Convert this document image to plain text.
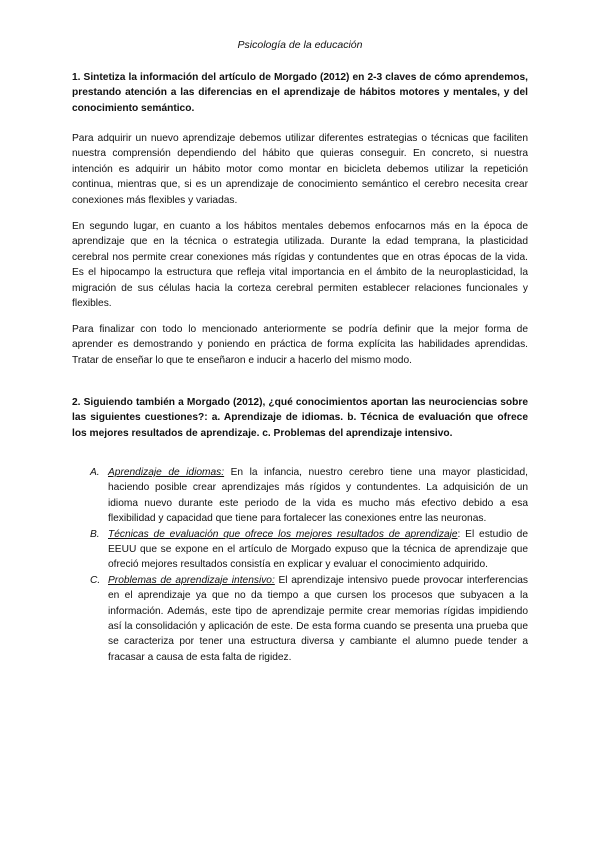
Psicología de la educación

1. Sintetiza la información del artículo de Morgado (2012) en 2-3 claves de cómo aprendemos, prestando atención a las diferencias en el aprendizaje de hábitos motores y mentales, y del conocimiento semántico.

Para adquirir un nuevo aprendizaje debemos utilizar diferentes estrategias o técnicas que faciliten nuestra comprensión dependiendo del hábito que quieras conseguir. En concreto, si nuestra intención es adquirir un hábito motor como montar en bicicleta debemos utilizar la repetición continua, mientras que, si es un aprendizaje de conocimiento semántico el cerebro necesita crear conexiones más flexibles y variadas.

En segundo lugar, en cuanto a los hábitos mentales debemos enfocarnos más en la época de aprendizaje que en la técnica o estrategia utilizada. Durante la edad temprana, la plasticidad cerebral nos permite crear conexiones más rígidas y contundentes que en otras épocas de la vida. Es el hipocampo la estructura que refleja vital importancia en el ámbito de la neuroplasticidad, la migración de sus células hacia la corteza cerebral permiten establecer relaciones funcionales y flexibles.

Para finalizar con todo lo mencionado anteriormente se podría definir que la mejor forma de aprender es demostrando y poniendo en práctica de forma explícita las habilidades aprendidas. Tratar de enseñar lo que te enseñaron e inducir a hacerlo del mismo modo.

2. Siguiendo también a Morgado (2012), ¿qué conocimientos aportan las neurociencias sobre las siguientes cuestiones?: a. Aprendizaje de idiomas. b. Técnica de evaluación que ofrece los mejores resultados de aprendizaje. c. Problemas del aprendizaje intensivo.

A. Aprendizaje de idiomas: En la infancia, nuestro cerebro tiene una mayor plasticidad, haciendo posible crear aprendizajes más rígidos y contundentes. La adquisición de un idioma nuevo durante este periodo de la vida es mucho más efectivo debido a esa flexibilidad y capacidad que tiene para fortalecer las conexiones entre las neuronas.
B. Técnicas de evaluación que ofrece los mejores resultados de aprendizaje: El estudio de EEUU que se expone en el artículo de Morgado expuso que la técnica de aprendizaje que ofreció mejores resultados consistía en explicar y evaluar el conocimiento adquirido.
C. Problemas de aprendizaje intensivo: El aprendizaje intensivo puede provocar interferencias en el aprendizaje ya que no da tiempo a que cursen los procesos que subyacen a la información. Además, este tipo de aprendizaje permite crear memorias rígidas impidiendo así la consolidación y aplicación de este. De esta forma cuando se presenta una prueba que se caracteriza por tener una estructura diversa y cambiante el alumno puede tender a fracasar a causa de esta falta de rigidez.
